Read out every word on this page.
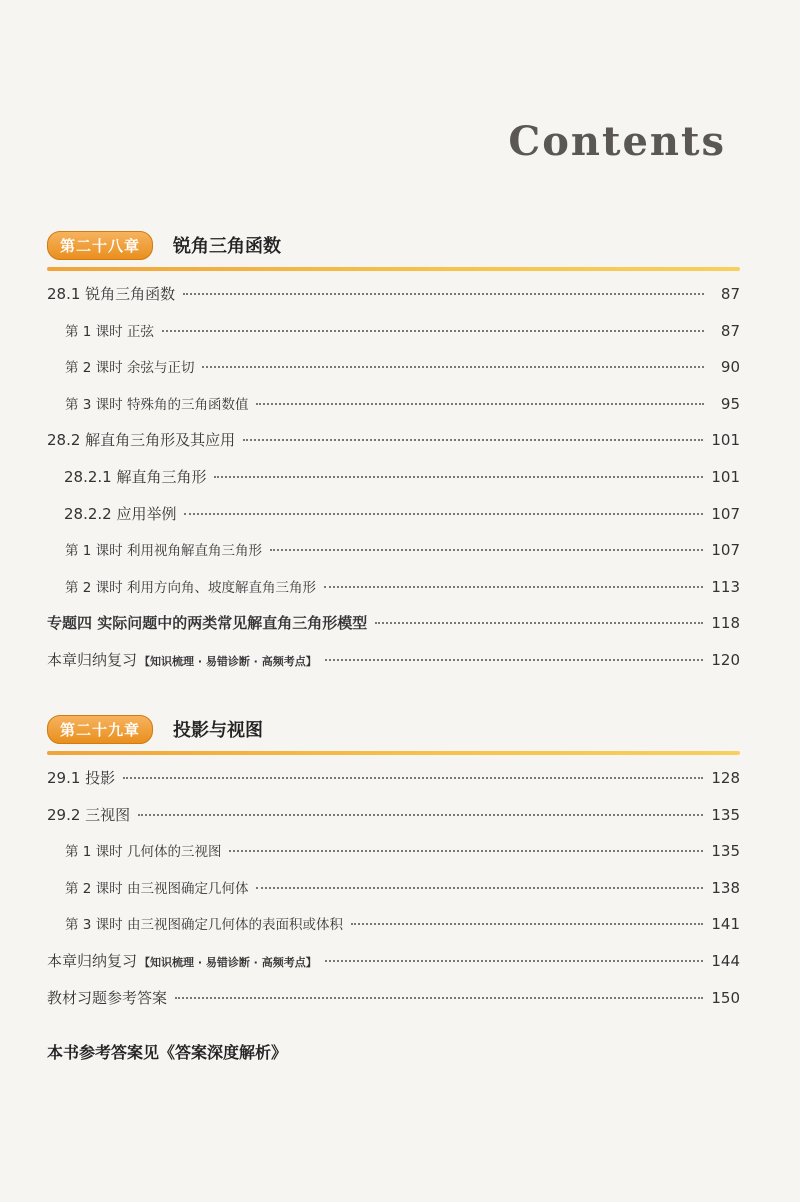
Contents
第二十八章	锐角三角函数
28.1 锐角三角函数	87
第 1 课时 正弦	87
第 2 课时 余弦与正切	90
第 3 课时 特殊角的三角函数值	95
28.2 解直角三角形及其应用	101
28.2.1 解直角三角形	101
28.2.2 应用举例	107
第 1 课时 利用视角解直角三角形	107
第 2 课时 利用方向角、坡度解直角三角形	113
专题四 实际问题中的两类常见解直角三角形模型	118
本章归纳复习 【知识梳理 · 易错诊断 · 高频考点】	120
第二十九章	投影与视图
29.1 投影	128
29.2 三视图	135
第 1 课时 几何体的三视图	135
第 2 课时 由三视图确定几何体	138
第 3 课时 由三视图确定几何体的表面积或体积	141
本章归纳复习 【知识梳理 · 易错诊断 · 高频考点】	144
教材习题参考答案	150
本书参考答案见《答案深度解析》
